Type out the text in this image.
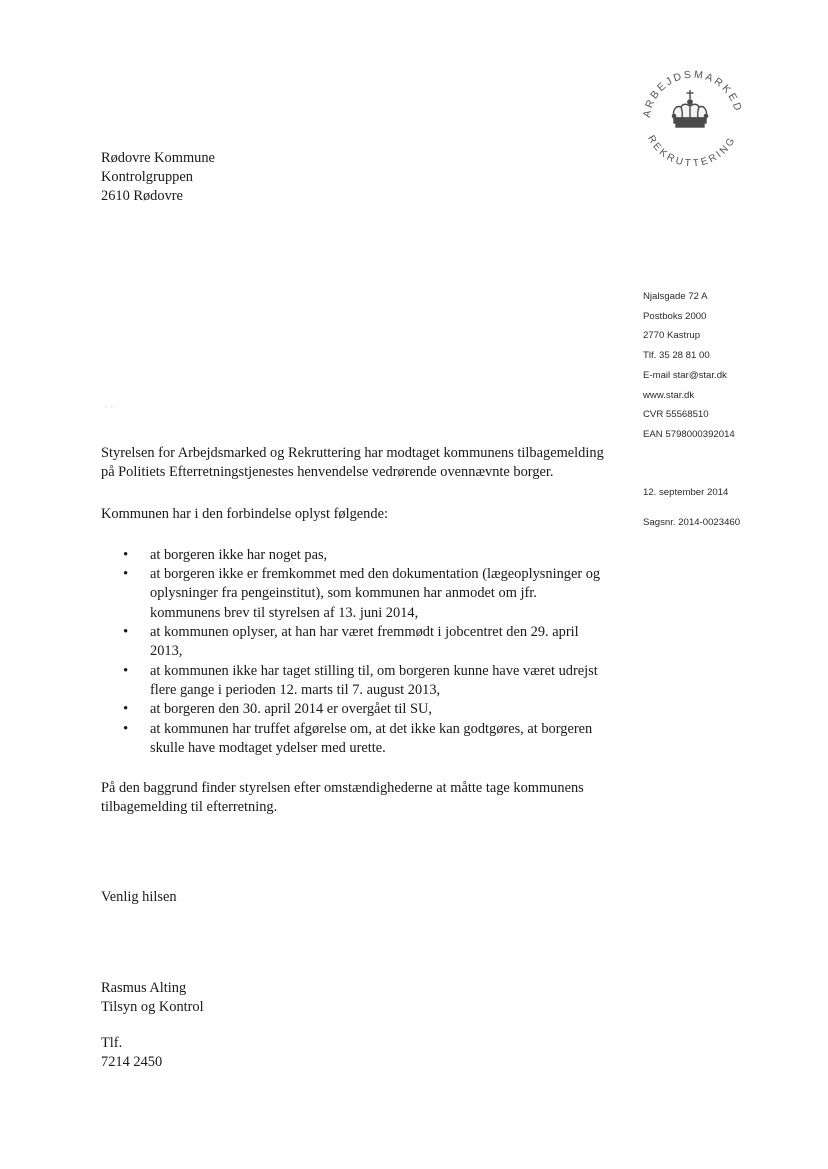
Rødovre Kommune
Kontrolgruppen
2610 Rødovre
ARBEJDSMARKED
REKRUTTERING
Njalsgade 72 A
Postboks 2000
2770 Kastrup
Tlf. 35 28 81 00
E-mail star@star.dk
www.star.dk
CVR 55568510
EAN 5798000392014
12. september 2014
Sagsnr. 2014-0023460
··

Styrelsen for Arbejdsmarked og Rekruttering har modtaget kommunens tilbagemelding på Politiets Efterretningstjenestes henvendelse vedrørende ovennævnte borger.

Kommunen har i den forbindelse oplyst følgende:

• at borgeren ikke har noget pas,
• at borgeren ikke er fremkommet med den dokumentation (lægeoplysninger og oplysninger fra pengeinstitut), som kommunen har anmodet om jfr. kommunens brev til styrelsen af 13. juni 2014,
• at kommunen oplyser, at han har været fremmødt i jobcentret den 29. april 2013,
• at kommunen ikke har taget stilling til, om borgeren kunne have været udrejst flere gange i perioden 12. marts til 7. august 2013,
• at borgeren den 30. april 2014 er overgået til SU,
• at kommunen har truffet afgørelse om, at det ikke kan godtgøres, at borgeren skulle have modtaget ydelser med urette.

På den baggrund finder styrelsen efter omstændighederne at måtte tage kommunens tilbagemelding til efterretning.

Venlig hilsen
Rasmus Alting
Tilsyn og Kontrol
Tlf.
7214 2450
